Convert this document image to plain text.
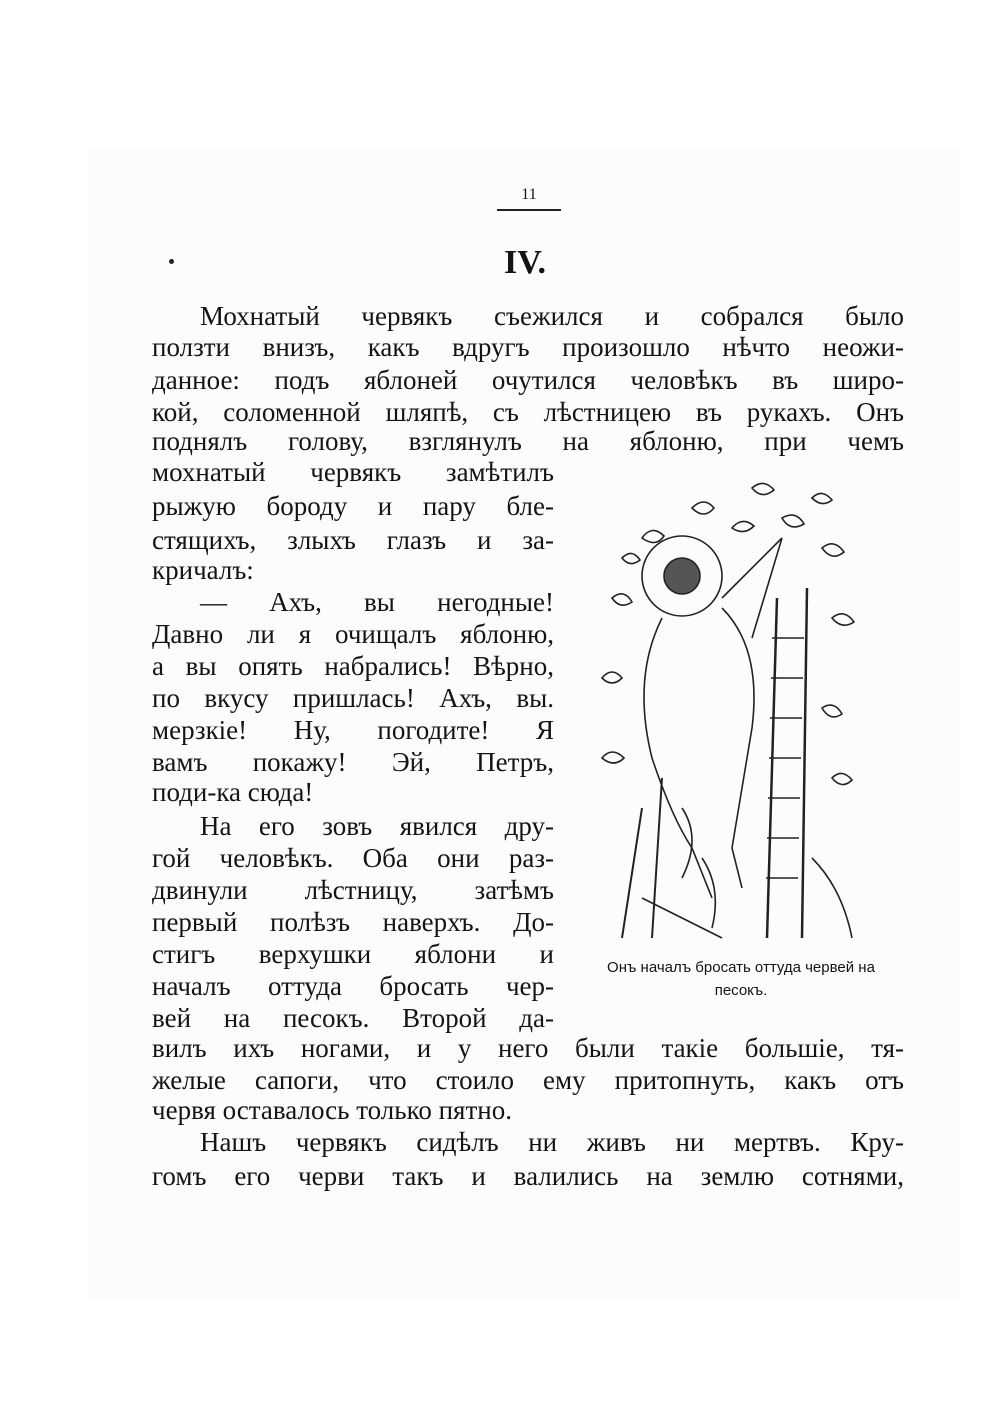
11
IV.
Мохнатый червякъ съежился и собрался было
ползти внизъ, какъ вдругъ произошло нѣчто неожи-
данное: подъ яблоней очутился человѣкъ въ широ-
кой, соломенной шляпѣ, съ лѣстницею въ рукахъ. Онъ
поднялъ голову, взглянулъ на яблоню, при чемъ
мохнатый червякъ замѣтилъ
рыжую бороду и пару бле-
стящихъ, злыхъ глазъ и за-
кричалъ:
— Ахъ, вы негодные!
Давно ли я очищалъ яблоню,
а вы опять набрались! Вѣрно,
по вкусу пришлась! Ахъ, вы.
мерзкіе! Ну, погодите! Я
вамъ покажу! Эй, Петръ,
поди-ка сюда!
На его зовъ явился дру-
гой человѣкъ. Оба они раз-
двинули лѣстницу, затѣмъ
первый полѣзъ наверхъ. До-
стигъ верхушки яблони и
началъ оттуда бросать чер-
вей на песокъ. Второй да-
вилъ ихъ ногами, и у него были такіе большіе, тя-
желые сапоги, что стоило ему притопнуть, какъ отъ
червя оставалось только пятно.
Нашъ червякъ сидѣлъ ни живъ ни мертвъ. Кру-
гомъ его черви такъ и валились на землю сотнями,
Онъ началъ бросать оттуда червей на
песокъ.
